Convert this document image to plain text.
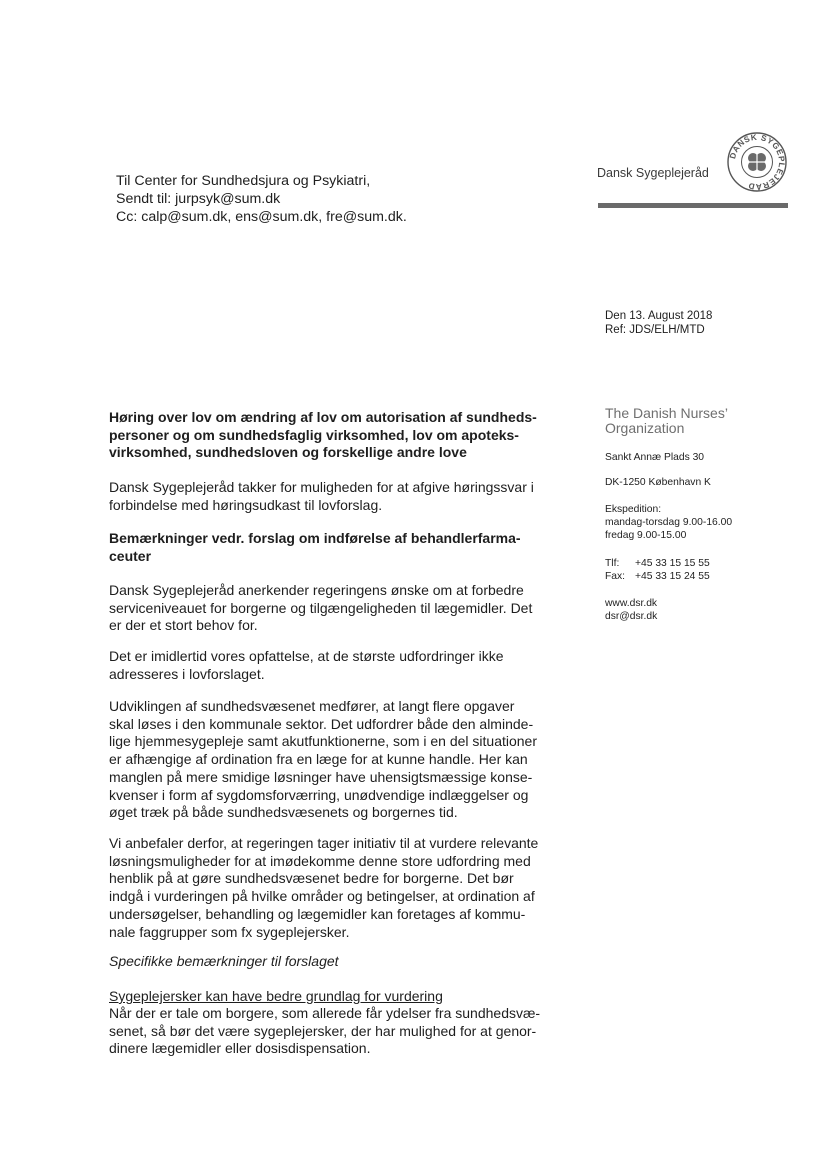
Til Center for Sundhedsjura og Psykiatri,
Sendt til: jurpsyk@sum.dk
Cc: calp@sum.dk, ens@sum.dk, fre@sum.dk.
Dansk Sygeplejeråd
DANSK SYGEPLEJERÅD
Den 13. August 2018
Ref: JDS/ELH/MTD
The Danish Nurses’
Organization
Sankt Annæ Plads 30
DK-1250 København K
Ekspedition:
mandag-torsdag 9.00-16.00
fredag 9.00-15.00
Tlf:	+45 33 15 15 55
Fax: +45 33 15 24 55
www.dsr.dk
dsr@dsr.dk
Høring over lov om ændring af lov om autorisation af sundheds-
personer og om sundhedsfaglig virksomhed, lov om apoteks-
virksomhed, sundhedsloven og forskellige andre love
Dansk Sygeplejeråd takker for muligheden for at afgive høringssvar i
forbindelse med høringsudkast til lovforslag.
Bemærkninger vedr. forslag om indførelse af behandlerfarma-
ceuter
Dansk Sygeplejeråd anerkender regeringens ønske om at forbedre
serviceniveauet for borgerne og tilgængeligheden til lægemidler. Det
er der et stort behov for.
Det er imidlertid vores opfattelse, at de største udfordringer ikke
adresseres i lovforslaget.
Udviklingen af sundhedsvæsenet medfører, at langt flere opgaver
skal løses i den kommunale sektor. Det udfordrer både den alminde-
lige hjemmesygepleje samt akutfunktionerne, som i en del situationer
er afhængige af ordination fra en læge for at kunne handle. Her kan
manglen på mere smidige løsninger have uhensigtsmæssige konse-
kvenser i form af sygdomsforværring, unødvendige indlæggelser og
øget træk på både sundhedsvæsenets og borgernes tid.
Vi anbefaler derfor, at regeringen tager initiativ til at vurdere relevante
løsningsmuligheder for at imødekomme denne store udfordring med
henblik på at gøre sundhedsvæsenet bedre for borgerne. Det bør
indgå i vurderingen på hvilke områder og betingelser, at ordination af
undersøgelser, behandling og lægemidler kan foretages af kommu-
nale faggrupper som fx sygeplejersker.
Specifikke bemærkninger til forslaget
Sygeplejersker kan have bedre grundlag for vurdering
Når der er tale om borgere, som allerede får ydelser fra sundhedsvæ-
senet, så bør det være sygeplejersker, der har mulighed for at genor-
dinere lægemidler eller dosisdispensation.
